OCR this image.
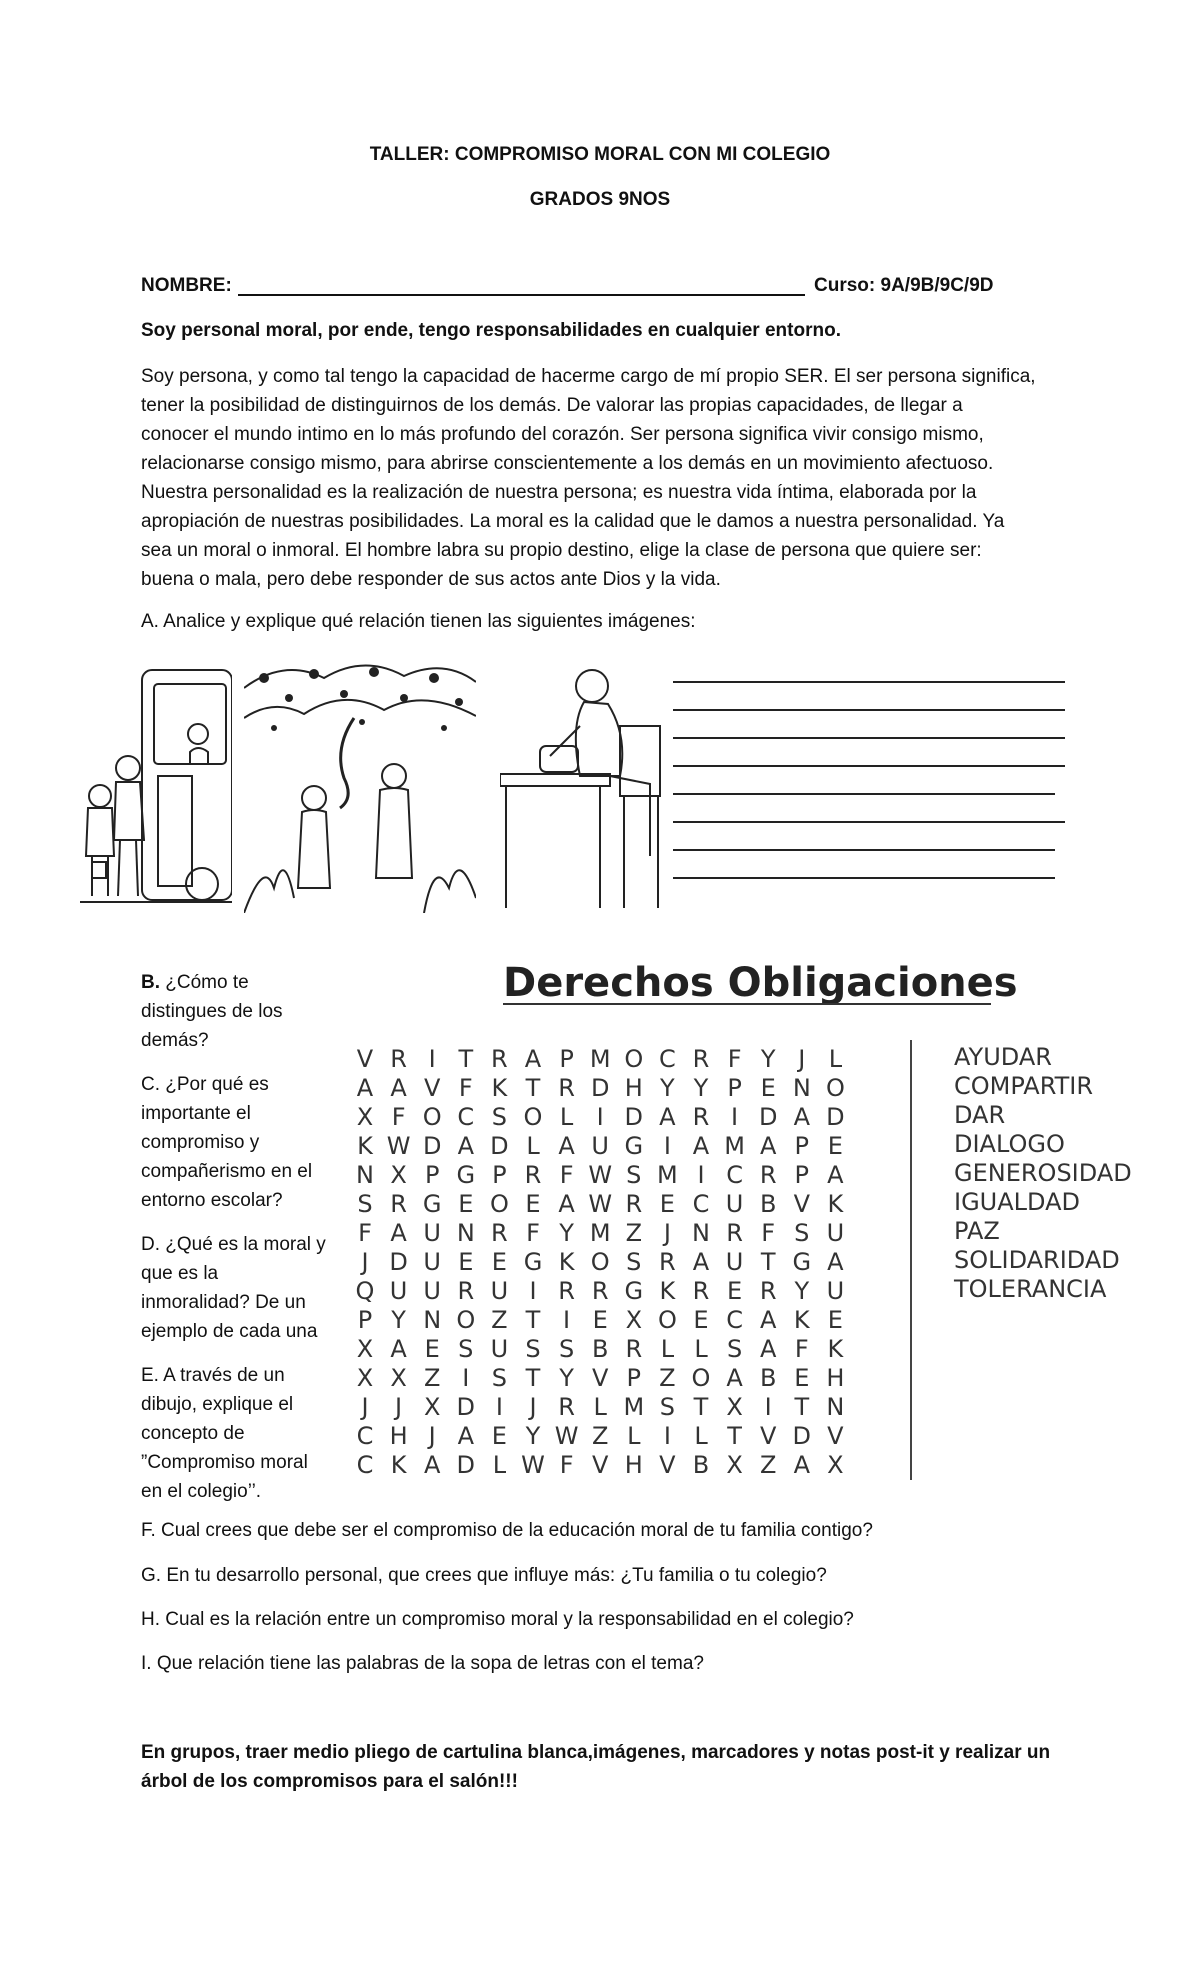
TALLER: COMPROMISO MORAL CON MI COLEGIO
GRADOS 9NOS
NOMBRE:	Curso: 9A/9B/9C/9D
Soy personal moral, por ende, tengo responsabilidades en cualquier entorno.
Soy persona, y como tal tengo la capacidad de hacerme cargo de mí propio SER. El ser persona significa,
tener la posibilidad de distinguirnos de los demás. De valorar las propias capacidades, de llegar a
conocer el mundo intimo en lo más profundo del corazón. Ser persona significa vivir consigo mismo,
relacionarse consigo mismo, para abrirse conscientemente a los demás en un movimiento afectuoso.
Nuestra personalidad es la realización de nuestra persona; es nuestra vida íntima, elaborada por la
apropiación de nuestras posibilidades. La moral es la calidad que le damos a nuestra personalidad. Ya
sea un moral o inmoral. El hombre labra su propio destino, elige la clase de persona que quiere ser:
buena o mala, pero debe responder de sus actos ante Dios y la vida.
A. Analice y explique qué relación tienen las siguientes imágenes:
B. ¿Cómo te
distingues de los
demás?
C. ¿Por qué es
importante el
compromiso y
compañerismo en el
entorno escolar?
D. ¿Qué es la moral y
que es la
inmoralidad? De un
ejemplo de cada una
E. A través de un
dibujo, explique el
concepto de
”Compromiso moral
en el colegio’’.
Derechos Obligaciones
V R I T R A P M O C R F Y J L
A A V F K T R D H Y Y P E N O
X F O C S O L I D A R I D A D
K W D A D L A U G I A M A P E
N X P G P R F W S M I C R P A
S R G E O E A W R E C U B V K
F A U N R F Y M Z J N R F S U
J D U E E G K O S R A U T G A
Q U U R U I R R G K R E R Y U
P Y N O Z T I E X O E C A K E
X A E S U S S B R L L S A F K
X X Z I S T Y V P Z O A B E H
J	J X D I	J R L M S T X I T N
C H J A E Y W Z L I L T V D V
C K A D L W F V H V B X Z A X
AYUDAR
COMPARTIR
DAR
DIALOGO
GENEROSIDAD
IGUALDAD
PAZ
SOLIDARIDAD
TOLERANCIA
F. Cual crees que debe ser el compromiso de la educación moral de tu familia contigo?
G. En tu desarrollo personal, que crees que influye más: ¿Tu familia o tu colegio?
H. Cual es la relación entre un compromiso moral y la responsabilidad en el colegio?
I. Que relación tiene las palabras de la sopa de letras con el tema?
En grupos, traer medio pliego de cartulina blanca,imágenes, marcadores y notas post-it y realizar un
árbol de los compromisos para el salón!!!
